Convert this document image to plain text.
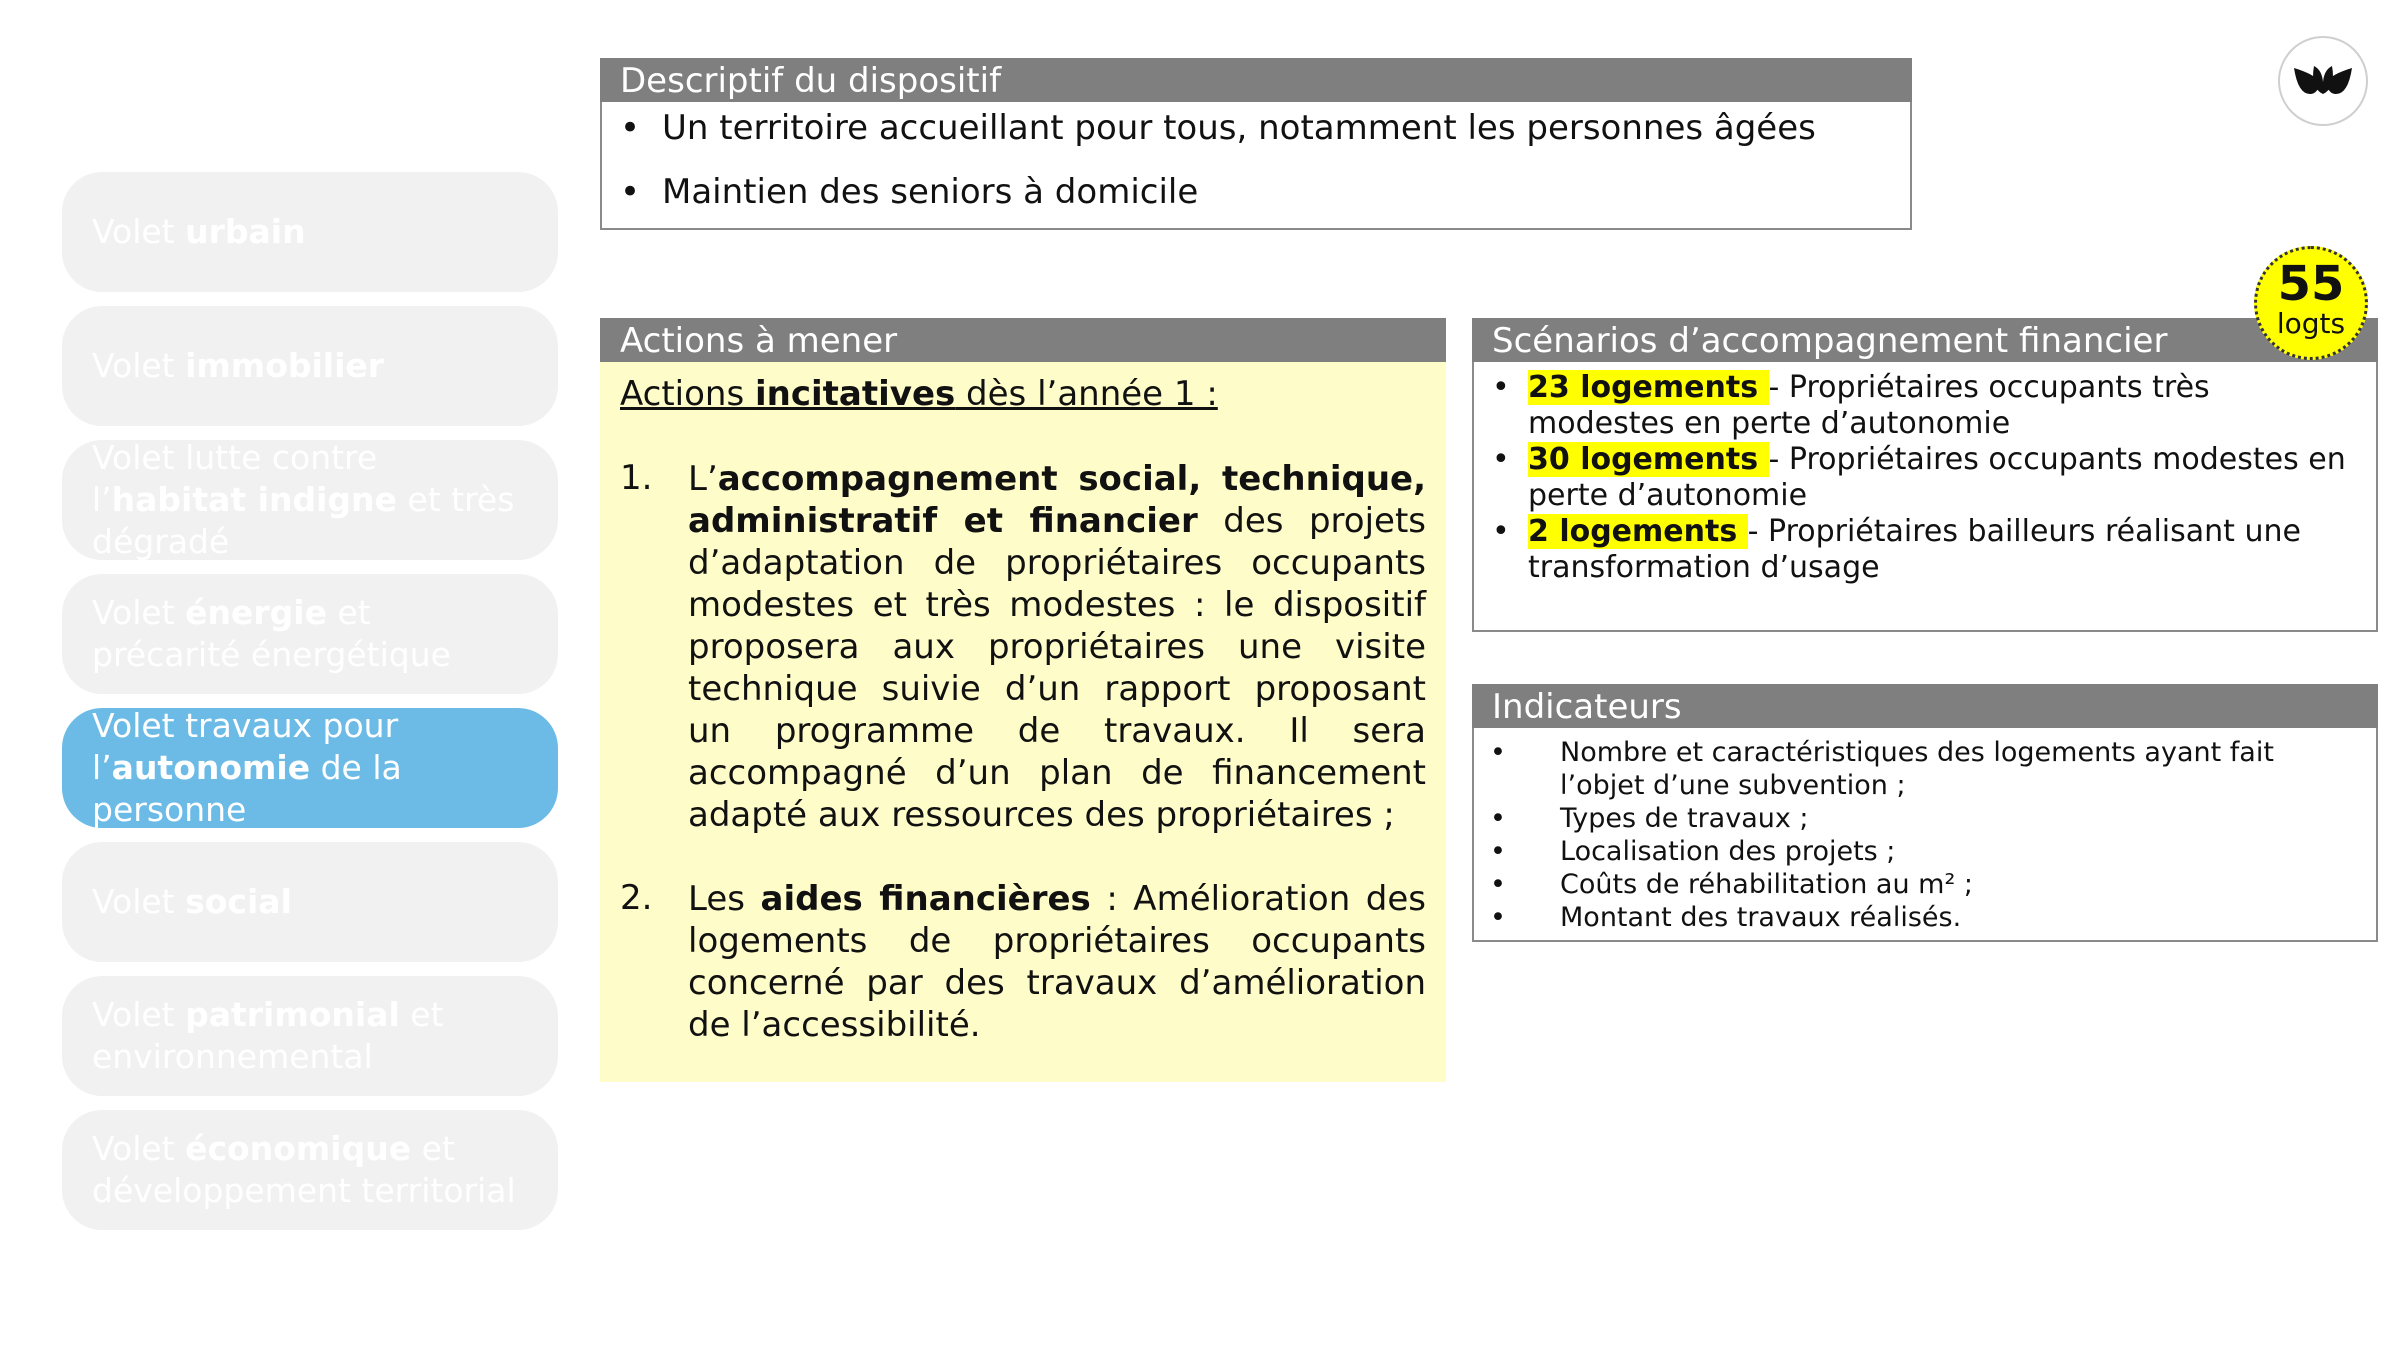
Volet urbain
Volet immobilier
Volet lutte contre l’habitat indigne et très dégradé
Volet énergie et précarité énergétique
Volet travaux pour l’autonomie de la personne
Volet social
Volet patrimonial et environnemental
Volet économique et développement territorial
Descriptif du dispositif
• Un territoire accueillant pour tous, notamment les personnes âgées
• Maintien des seniors à domicile
Actions à mener
Actions incitatives dès l’année 1 :
1. L’accompagnement social, technique, administratif et financier des projets d’adaptation de propriétaires occupants modestes et très modestes : le dispositif proposera aux propriétaires une visite technique suivie d’un rapport proposant un programme de travaux. Il sera accompagné d’un plan de financement adapté aux ressources des propriétaires ;
2. Les aides financières : Amélioration des logements de propriétaires occupants concerné par des travaux d’amélioration de l’accessibilité.
Scénarios d’accompagnement financier
• 23 logements - Propriétaires occupants très modestes en perte d’autonomie
• 30 logements - Propriétaires occupants modestes en perte d’autonomie
• 2 logements - Propriétaires bailleurs réalisant une transformation d’usage
55
logts
Indicateurs
• Nombre et caractéristiques des logements ayant fait l’objet d’une subvention ;
• Types de travaux ;
• Localisation des projets ;
• Coûts de réhabilitation au m² ;
• Montant des travaux réalisés.
